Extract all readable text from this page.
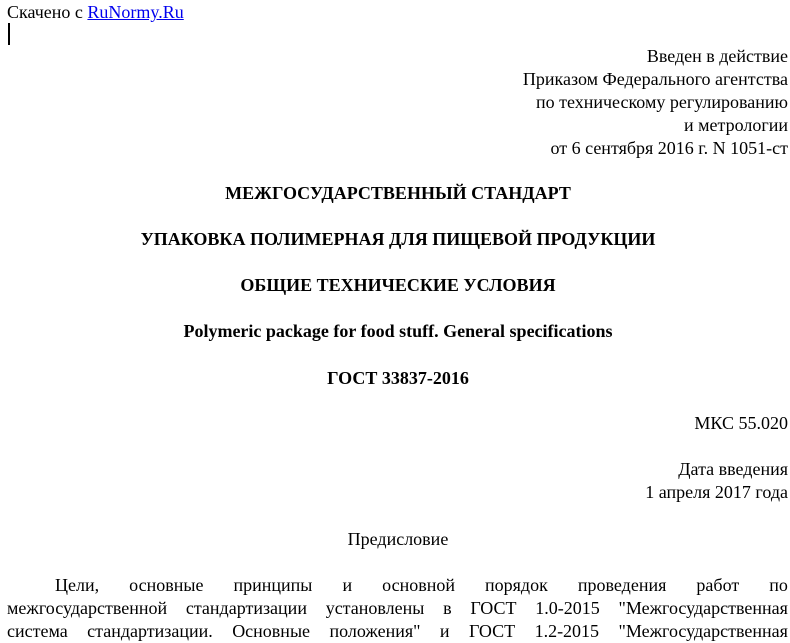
Скачено с RuNormy.Ru
Введен в действие
Приказом Федерального агентства
по техническому регулированию
и метрологии
от 6 сентября 2016 г. N 1051-ст
МЕЖГОСУДАРСТВЕННЫЙ СТАНДАРТ
УПАКОВКА ПОЛИМЕРНАЯ ДЛЯ ПИЩЕВОЙ ПРОДУКЦИИ
ОБЩИЕ ТЕХНИЧЕСКИЕ УСЛОВИЯ
Polymeric package for food stuff. General specifications
ГОСТ 33837-2016
МКС 55.020
Дата введения
1 апреля 2017 года
Предисловие
Цели, основные принципы и основной порядок проведения работ по
межгосударственной стандартизации установлены в ГОСТ 1.0-2015 "Межгосударственная
система стандартизации. Основные положения" и ГОСТ 1.2-2015 "Межгосударственная
